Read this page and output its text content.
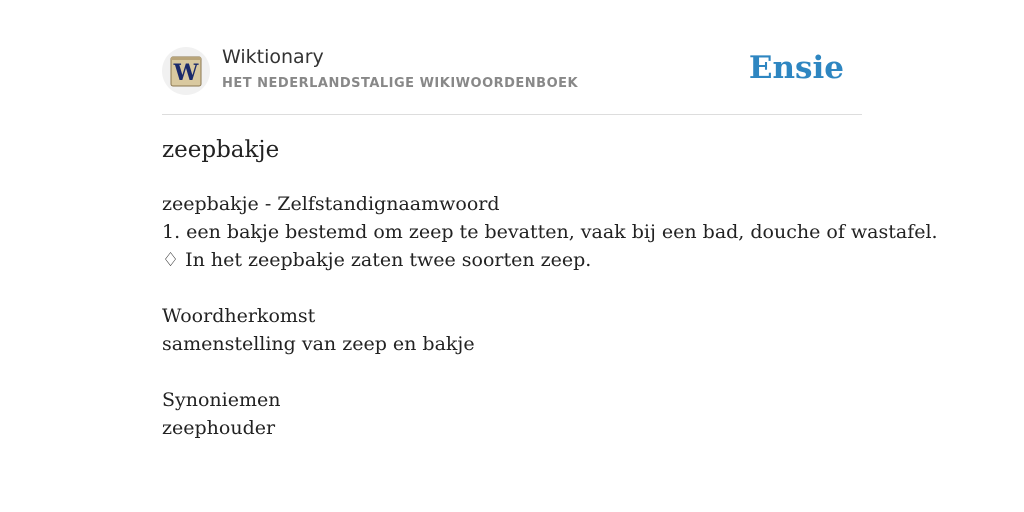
W
Wiktionary
HET NEDERLANDSTALIGE WIKIWOORDENBOEK	Ensie
zeepbakje
zeepbakje - Zelfstandignaamwoord
1. een bakje bestemd om zeep te bevatten, vaak bij een bad, douche of wastafel.
♢ In het zeepbakje zaten twee soorten zeep.
Woordherkomst
samenstelling van zeep en bakje
Synoniemen
zeephouder
